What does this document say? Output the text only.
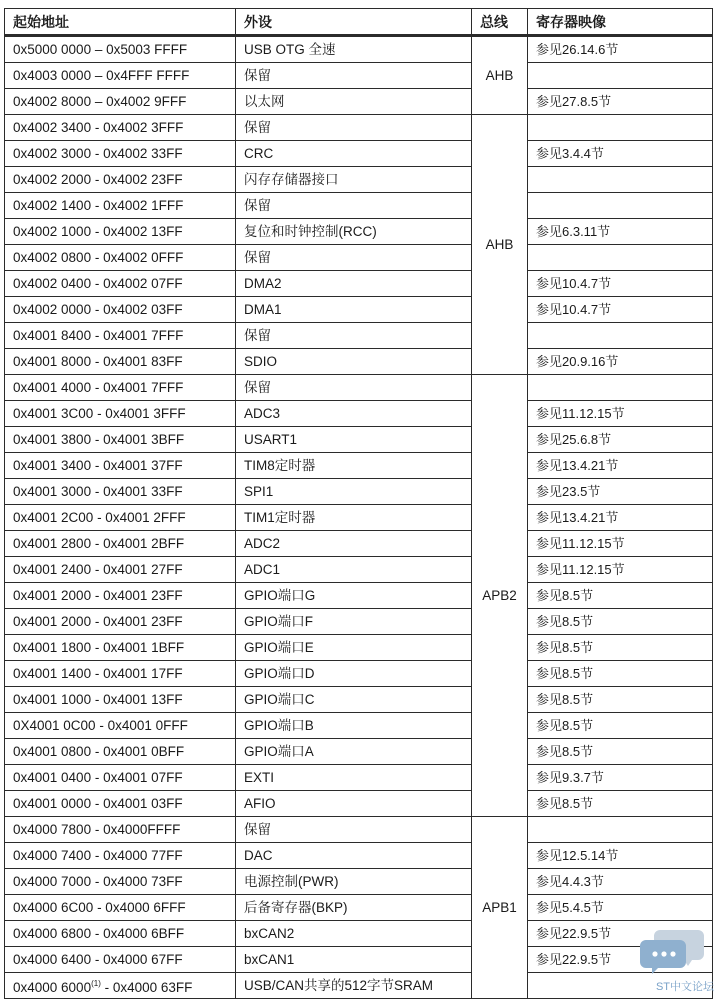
起始地址	外设	总线	寄存器映像
0x5000 0000 – 0x5003 FFFF	USB OTG 全速	AHB	参见26.14.6节
0x4003 0000 – 0x4FFF FFFF	保留		
0x4002 8000 – 0x4002 9FFF	以太网		参见27.8.5节
0x4002 3400 - 0x4002 3FFF	保留	AHB	
0x4002 3000 - 0x4002 33FF	CRC		参见3.4.4节
0x4002 2000 - 0x4002 23FF	闪存存储器接口		
0x4002 1400 - 0x4002 1FFF	保留		
0x4002 1000 - 0x4002 13FF	复位和时钟控制(RCC)		参见6.3.11节
0x4002 0800 - 0x4002 0FFF	保留		
0x4002 0400 - 0x4002 07FF	DMA2		参见10.4.7节
0x4002 0000 - 0x4002 03FF	DMA1		参见10.4.7节
0x4001 8400 - 0x4001 7FFF	保留		
0x4001 8000 - 0x4001 83FF	SDIO		参见20.9.16节
0x4001 4000 - 0x4001 7FFF	保留	APB2	
0x4001 3C00 - 0x4001 3FFF	ADC3		参见11.12.15节
0x4001 3800 - 0x4001 3BFF	USART1		参见25.6.8节
0x4001 3400 - 0x4001 37FF	TIM8定时器		参见13.4.21节
0x4001 3000 - 0x4001 33FF	SPI1		参见23.5节
0x4001 2C00 - 0x4001 2FFF	TIM1定时器		参见13.4.21节
0x4001 2800 - 0x4001 2BFF	ADC2		参见11.12.15节
0x4001 2400 - 0x4001 27FF	ADC1		参见11.12.15节
0x4001 2000 - 0x4001 23FF	GPIO端口G		参见8.5节
0x4001 2000 - 0x4001 23FF	GPIO端口F		参见8.5节
0x4001 1800 - 0x4001 1BFF	GPIO端口E		参见8.5节
0x4001 1400 - 0x4001 17FF	GPIO端口D		参见8.5节
0x4001 1000 - 0x4001 13FF	GPIO端口C		参见8.5节
0X4001 0C00 - 0x4001 0FFF	GPIO端口B		参见8.5节
0x4001 0800 - 0x4001 0BFF	GPIO端口A		参见8.5节
0x4001 0400 - 0x4001 07FF	EXTI		参见9.3.7节
0x4001 0000 - 0x4001 03FF	AFIO		参见8.5节
0x4000 7800 - 0x4000FFFF	保留	APB1	
0x4000 7400 - 0x4000 77FF	DAC		参见12.5.14节
0x4000 7000 - 0x4000 73FF	电源控制(PWR)		参见4.4.3节
0x4000 6C00 - 0x4000 6FFF	后备寄存器(BKP)		参见5.4.5节
0x4000 6800 - 0x4000 6BFF	bxCAN2		参见22.9.5节
0x4000 6400 - 0x4000 67FF	bxCAN1		参见22.9.5节
0x4000 6000$^{(1)}$ - 0x4000 63FF	USB/CAN共享的512字节SRAM			ST中文论坛
